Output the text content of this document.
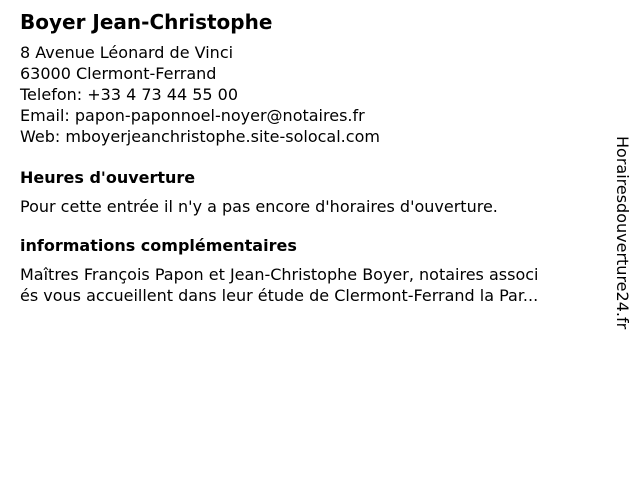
Boyer Jean-Christophe
8 Avenue Léonard de Vinci
63000 Clermont-Ferrand
Telefon: +33 4 73 44 55 00
Email: papon-paponnoel-noyer@notaires.fr
Web: mboyerjeanchristophe.site-solocal.com
Heures d'ouverture
Pour cette entrée il n'y a pas encore d'horaires d'ouverture.
informations complémentaires
Maîtres François Papon et Jean-Christophe Boyer, notaires associ
és vous accueillent dans leur étude de Clermont-Ferrand la Par...	Horairesdouverture24.fr
